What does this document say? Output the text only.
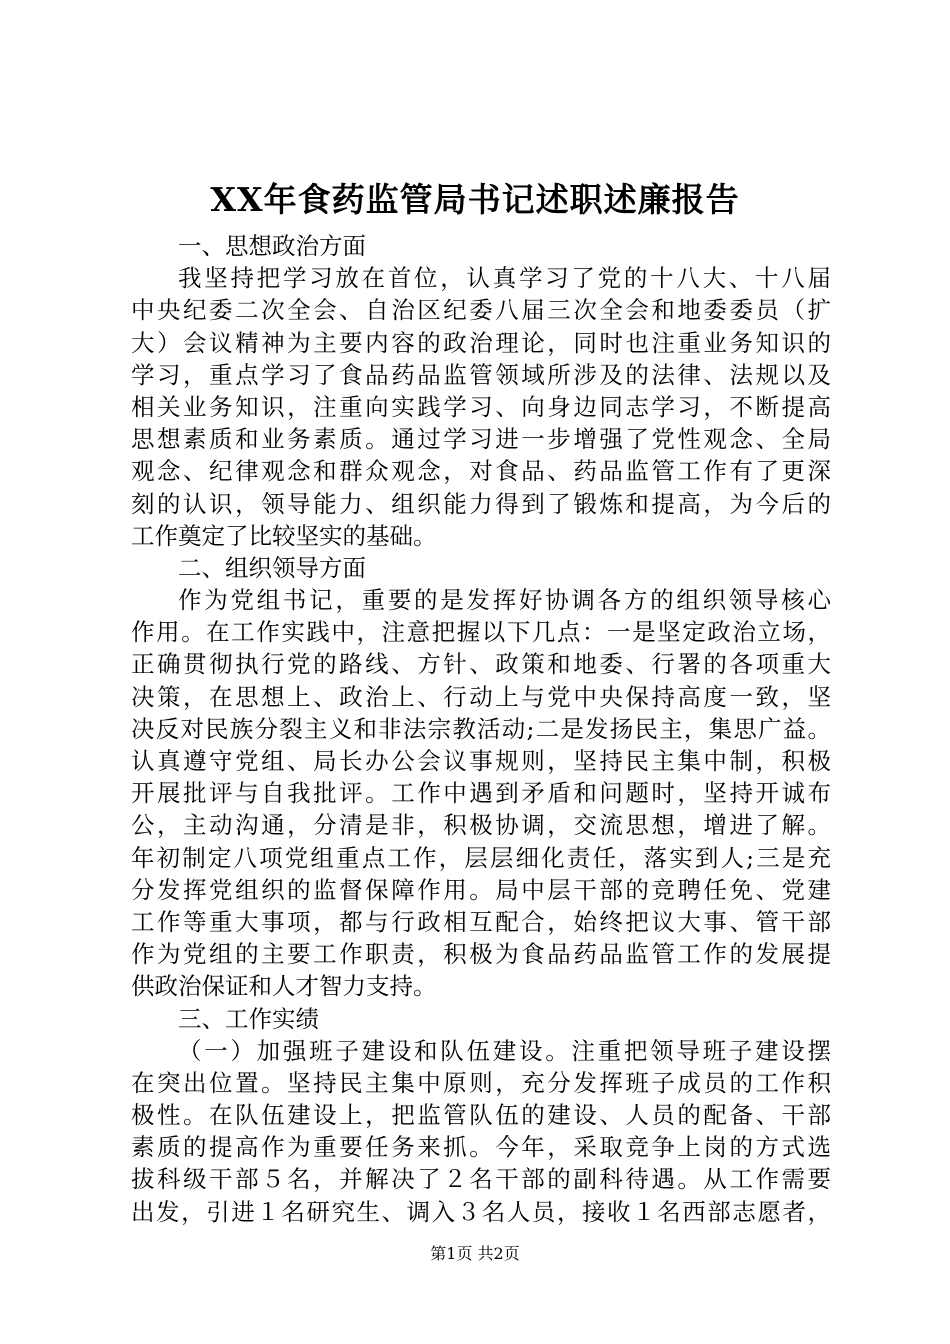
XX年食药监管局书记述职述廉报告
一、思想政治方面
我坚持把学习放在首位，认真学习了党的十八大、十八届
中央纪委二次全会、自治区纪委八届三次全会和地委委员（扩
大）会议精神为主要内容的政治理论，同时也注重业务知识的
学习，重点学习了食品药品监管领域所涉及的法律、法规以及
相关业务知识，注重向实践学习、向身边同志学习，不断提高
思想素质和业务素质。通过学习进一步增强了党性观念、全局
观念、纪律观念和群众观念，对食品、药品监管工作有了更深
刻的认识，领导能力、组织能力得到了锻炼和提高，为今后的
工作奠定了比较坚实的基础。
二、组织领导方面
作为党组书记，重要的是发挥好协调各方的组织领导核心
作用。在工作实践中，注意把握以下几点：一是坚定政治立场，
正确贯彻执行党的路线、方针、政策和地委、行署的各项重大
决策，在思想上、政治上、行动上与党中央保持高度一致，坚
决反对民族分裂主义和非法宗教活动;二是发扬民主，集思广益。
认真遵守党组、局长办公会议事规则，坚持民主集中制，积极
开展批评与自我批评。工作中遇到矛盾和问题时，坚持开诚布
公，主动沟通，分清是非，积极协调，交流思想，增进了解。
年初制定八项党组重点工作，层层细化责任，落实到人;三是充
分发挥党组织的监督保障作用。局中层干部的竞聘任免、党建
工作等重大事项，都与行政相互配合，始终把议大事、管干部
作为党组的主要工作职责，积极为食品药品监管工作的发展提
供政治保证和人才智力支持。
三、工作实绩
（一）加强班子建设和队伍建设。注重把领导班子建设摆
在突出位置。坚持民主集中原则，充分发挥班子成员的工作积
极性。在队伍建设上，把监管队伍的建设、人员的配备、干部
素质的提高作为重要任务来抓。今年，采取竞争上岗的方式选
拔科级干部５名，并解决了２名干部的副科待遇。从工作需要
出发，引进１名研究生、调入３名人员，接收１名西部志愿者，
第1页 共2页
